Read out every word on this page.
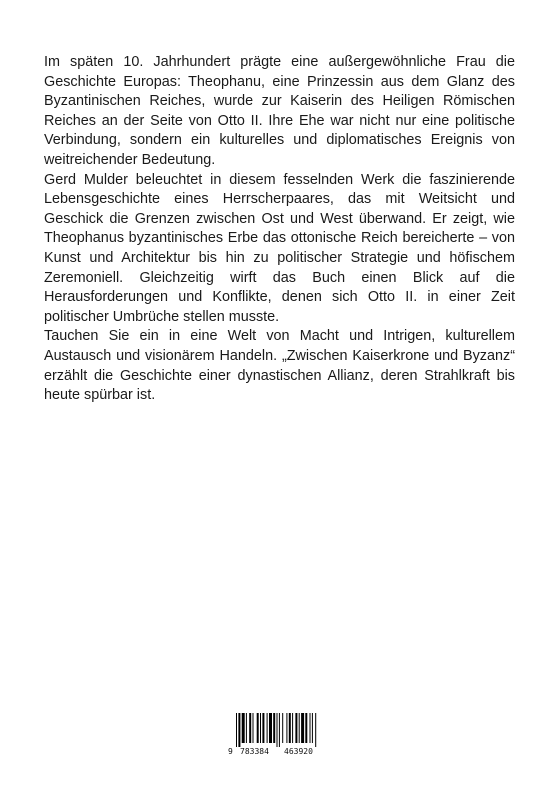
Im späten 10. Jahrhundert prägte eine außergewöhnliche Frau die Geschichte Europas: Theophanu, eine Prinzessin aus dem Glanz des Byzantinischen Reiches, wurde zur Kaiserin des Heiligen Römischen Reiches an der Seite von Otto II. Ihre Ehe war nicht nur eine politische Verbindung, sondern ein kulturelles und diplomatisches Ereignis von weitreichender Bedeutung.

Gerd Mulder beleuchtet in diesem fesselnden Werk die faszinierende Lebensgeschichte eines Herrscherpaares, das mit Weitsicht und Geschick die Grenzen zwischen Ost und West überwand. Er zeigt, wie Theophanus byzantinisches Erbe das ottonische Reich bereicherte – von Kunst und Architektur bis hin zu politischer Strategie und höfischem Zeremoniell. Gleichzeitig wirft das Buch einen Blick auf die Herausforderungen und Konflikte, denen sich Otto II. in einer Zeit politischer Umbrüche stellen musste.

Tauchen Sie ein in eine Welt von Macht und Intrigen, kulturellem Austausch und visionärem Handeln. „Zwischen Kaiserkrone und Byzanz“ erzählt die Geschichte einer dynastischen Allianz, deren Strahlkraft bis heute spürbar ist.

9 783384 463920
